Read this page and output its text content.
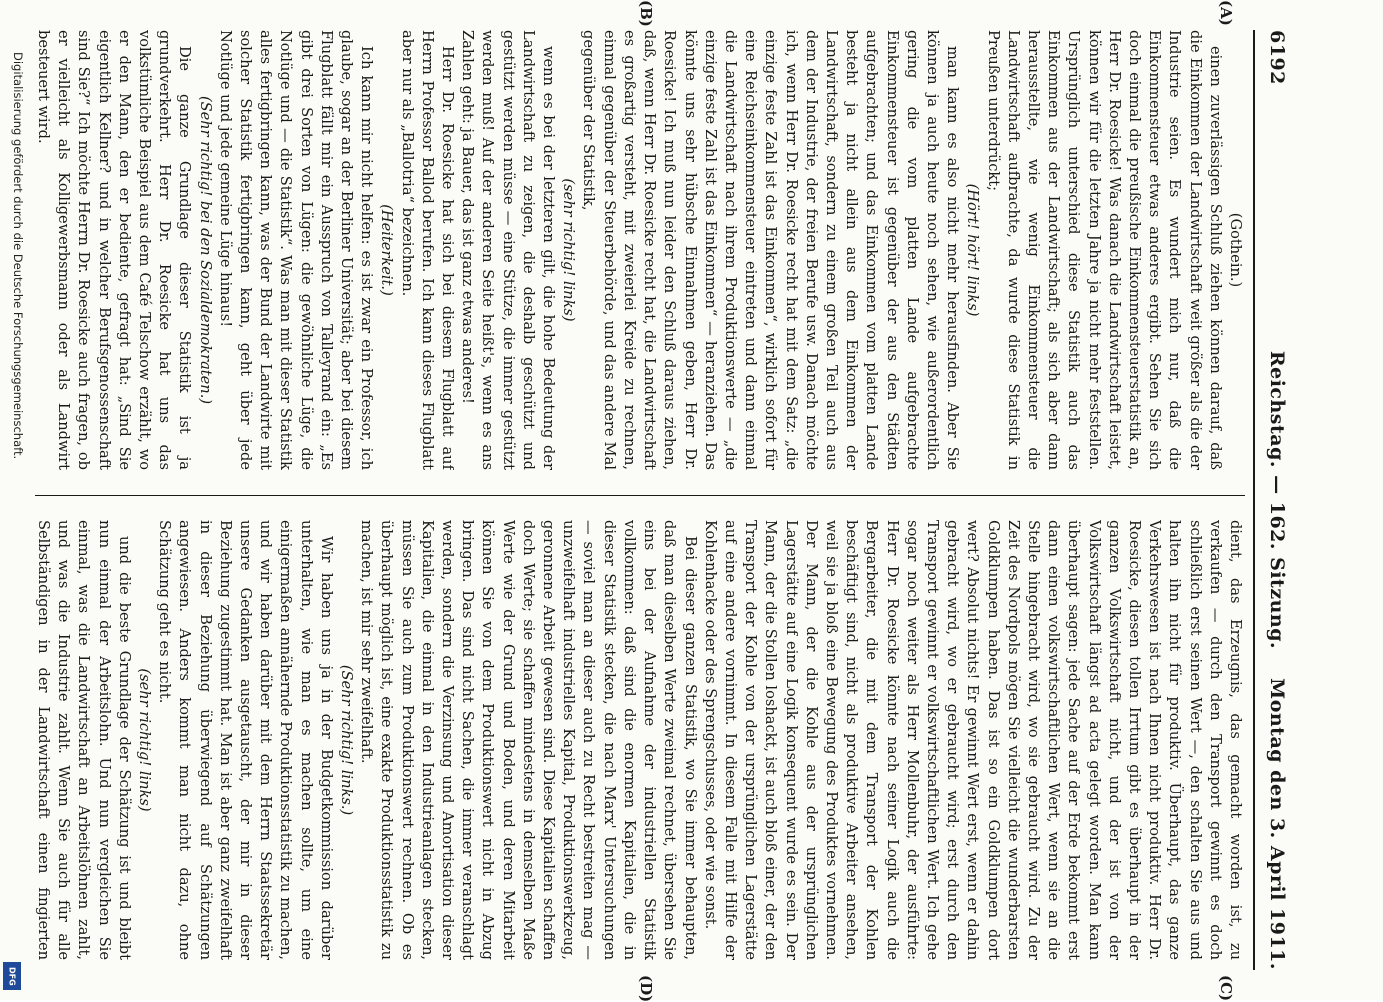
6192
Reichstag. — 162. Sitzung.
Montag den 3. April 1911.

(Gothein.)

einen zuverlässigen Schluß ziehen können darauf, daß die Einkommen der Landwirtschaft weit größer als die der Industrie seien. Es wundert mich nur, daß die Einkommensteuer etwas anderes ergibt. Sehen Sie sich doch einmal die preußische Einkommensteuerstatistik an, Herr Dr. Roesicke! Was danach die Landwirtschaft leistet, können wir für die letzten Jahre ja nicht mehr feststellen. Ursprünglich unterschied diese Statistik auch das Einkommen aus der Landwirtschaft; als sich aber dann herausstellte, wie wenig Einkommensteuer die Landwirtschaft aufbrachte, da wurde diese Statistik in Preußen unterdrückt;

(Hört! hört! links)

man kann es also nicht mehr herausfinden. Aber Sie können ja auch heute noch sehen, wie außerordentlich gering die vom platten Lande aufgebrachte Einkommensteuer ist gegenüber der aus den Städten aufgebrachten; und das Einkommen vom platten Lande besteht ja nicht allein aus dem Einkommen der Landwirtschaft, sondern zu einem großen Teil auch aus dem der Industrie, der freien Berufe usw. Danach möchte ich, wenn Herr Dr. Roesicke recht hat mit dem Satz: „die einzige feste Zahl ist das Einkommen“, wirklich sofort für eine Reichseinkommensteuer eintreten und dann einmal die Landwirtschaft nach ihrem Produktionswerte — „die einzige feste Zahl ist das Einkommen“ — heranziehen. Das könnte uns sehr hübsche Einnahmen geben, Herr Dr. Roesicke! Ich muß nun leider den Schluß daraus ziehen, daß, wenn Herr Dr. Roesicke recht hat, die Landwirtschaft es großartig versteht, mit zweierlei Kreide zu rechnen, einmal gegenüber der Steuerbehörde, und das andere Mal gegenüber der Statistik,

(sehr richtig! links)

wenn es bei der letzteren gilt, die hohe Bedeutung der Landwirtschaft zu zeigen, die deshalb geschützt und gestützt werden müsse — eine Stütze, die immer gestützt werden muß! Auf der anderen Seite heißt's, wenn es ans Zahlen geht: ja Bauer, das ist ganz etwas anderes!

Herr Dr. Roesicke hat sich bei diesem Flugblatt auf Herrn Professor Ballod berufen. Ich kann dieses Flugblatt aber nur als „Ballotria“ bezeichnen.

(Heiterkeit.)

Ich kann mir nicht helfen: es ist zwar ein Professor, ich glaube, sogar an der Berliner Universität; aber bei diesem Flugblatt fällt mir ein Ausspruch von Talleyrand ein: „Es gibt drei Sorten von Lügen: die gewöhnliche Lüge, die Notlüge und — die Statistik“. Was man mit dieser Statistik alles fertigbringen kann, was der Bund der Landwirte mit solcher Statistik fertigbringen kann, geht über jede Notlüge und jede gemeine Lüge hinaus!

(Sehr richtig! bei den Sozialdemokraten.)

Die ganze Grundlage dieser Statistik ist ja grundverkehrt. Herr Dr. Roesicke hat uns das volkstümliche Beispiel aus dem Café Telschow erzählt, wo er den Mann, den er bediente, gefragt hat: „Sind Sie eigentlich Kellner? und in welcher Berufsgenossenschaft sind Sie?“ Ich möchte Herrn Dr. Roesicke auch fragen, ob er vielleicht als Kolligewerbsmann oder als Landwirt besteuert wird.

dient, das Erzeugnis, das gemacht worden ist, zu verkaufen — durch den Transport gewinnt es doch schließlich erst seinen Wert —, den schalten Sie aus und halten ihn nicht für produktiv. Überhaupt, das ganze Verkehrswesen ist nach Ihnen nicht produktiv. Herr Dr. Roesicke, diesen tollen Irrtum gibt es überhaupt in der ganzen Volkswirtschaft nicht, und der ist von der Volkswirtschaft längst ad acta gelegt worden. Man kann überhaupt sagen: jede Sache auf der Erde bekommt erst dann einen volkswirtschaftlichen Wert, wenn sie an die Stelle hingebracht wird, wo sie gebraucht wird. Zu der Zeit des Nordpols mögen Sie vielleicht die wunderbarsten Goldklumpen haben. Das ist so ein Goldklumpen dort wert? Absolut nichts! Er gewinnt Wert erst, wenn er dahin gebracht wird, wo er gebraucht wird; erst durch den Transport gewinnt er volkswirtschaftlichen Wert. Ich gehe sogar noch weiter als Herr Mollenbuhr, der ausführte: Herr Dr. Roesicke könnte nach seiner Logik auch die Bergarbeiter, die mit dem Transport der Kohlen beschäftigt sind, nicht als produktive Arbeiter ansehen, weil sie ja bloß eine Bewegung des Produktes vornehmen. Der Mann, der die Kohle aus der ursprünglichen Lagerstätte auf eine Logik konsequent wurde es sein. Der Mann, der die Stollen loshackt, ist auch bloß einer, der den Transport der Kohle von der ursprünglichen Lagerstätte auf eine andere vornimmt. In diesem Falle mit Hilfe der Kohlenhacke oder des Sprengschusses, oder wie sonst.

Bei dieser ganzen Statistik, wo Sie immer behaupten, daß man dieselben Werte zweimal rechnet, übersehen Sie eins bei der Aufnahme der industriellen Statistik vollkommen: daß sind die enormen Kapitalien, die in dieser Statistik stecken, die nach Marx' Untersuchungen — soviel man an dieser auch zu Recht bestreiten mag — unzweifelhaft industrielles Kapital, Produktionswerkzeug, geronnene Arbeit gewesen sind. Diese Kapitalien schaffen doch Werte; sie schaffen mindestens in demselben Maße Werte wie der Grund und Boden, und deren Mitarbeit können Sie von dem Produktionswert nicht in Abzug bringen. Das sind nicht Sachen, die immer veranschlagt werden, sondern die Verzinsung und Amortisation dieser Kapitalien, die einmal in den Industrieanlagen stecken, müssen Sie auch zum Produktionswert rechnen. Ob es überhaupt möglich ist, eine exakte Produktionsstatistik zu machen, ist mir sehr zweifelhaft.

(Sehr richtig! links.)

Wir haben uns ja in der Budgetkommission darüber unterhalten, wie man es machen sollte, um eine einigermaßen annähernde Produktionsstatistik zu machen, und wir haben darüber mit dem Herrn Staatssekretär unsere Gedanken ausgetauscht, der mir in dieser Beziehung zugestimmt hat. Man ist aber ganz zweifelhaft in dieser Beziehung überwiegend auf Schätzungen angewiesen. Anders kommt man nicht dazu, ohne Schätzung geht es nicht.

(sehr richtig! links)

und die beste Grundlage der Schätzung ist und bleibt nun einmal der Arbeitslohn. Und nun vergleichen Sie einmal, was die Landwirtschaft an Arbeitslöhnen zahlt, und was die Industrie zahlt. Wenn Sie auch für alle Selbständigen in der Landwirtschaft einen fingierten

(A)
(B)
(C)
(D)
Digitalisierung gefördert durch die Deutsche Forschungsgemeinschaft.
DFG
